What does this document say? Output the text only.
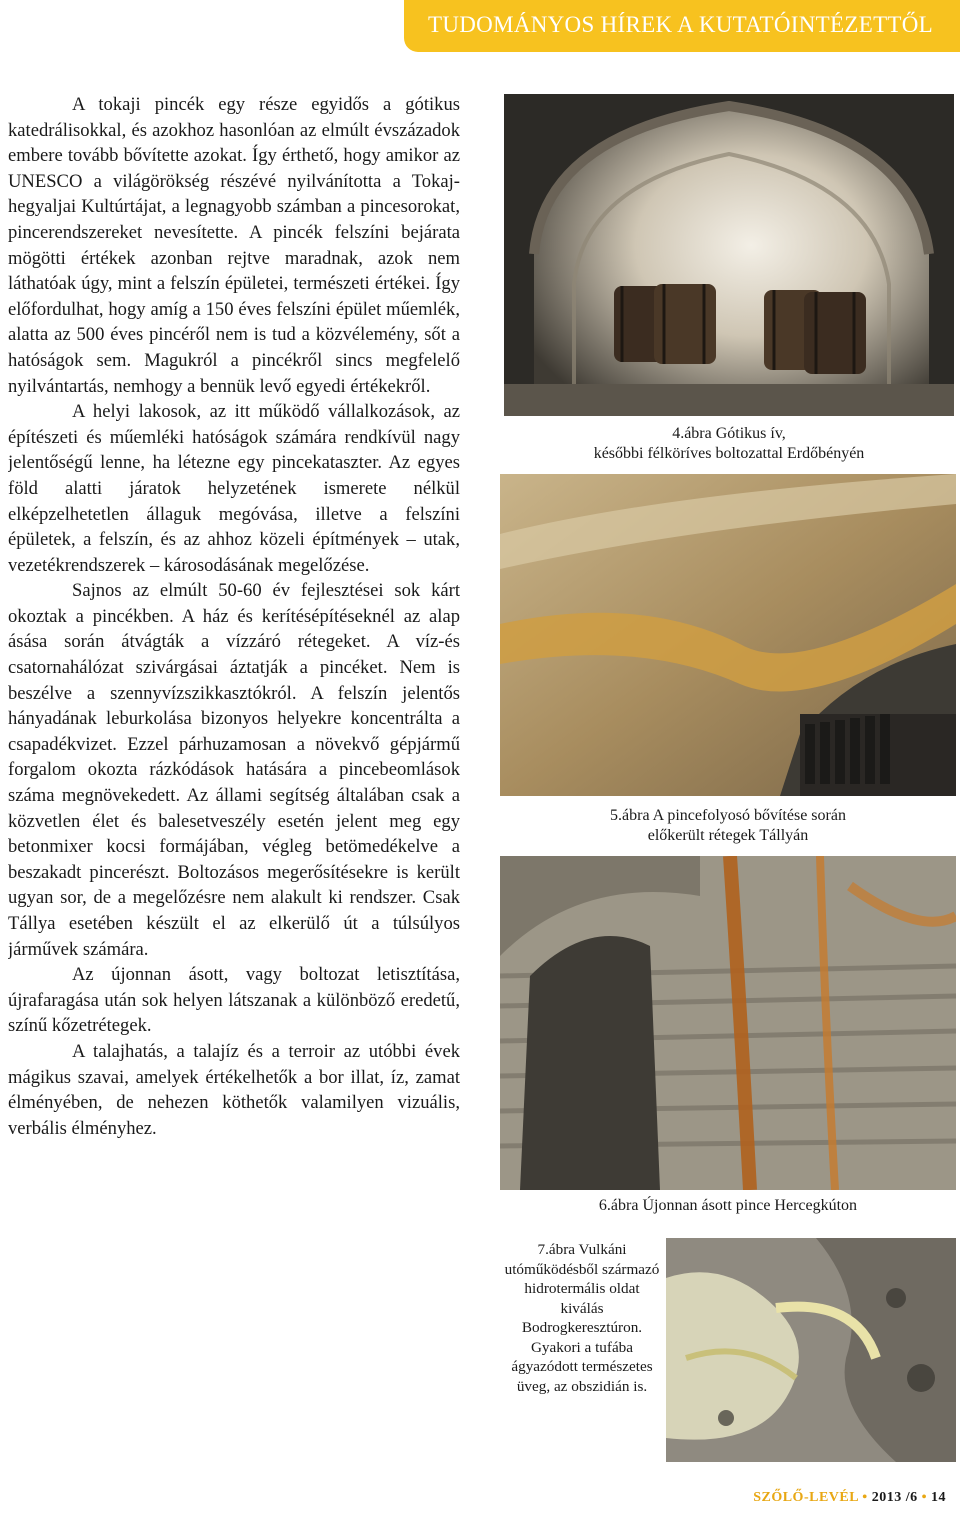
TUDOMÁNYOS HÍREK A KUTATÓINTÉZETTŐL

A tokaji pincék egy része egyidős a gótikus katedrálisokkal, és azokhoz hasonlóan az elmúlt évszázadok embere tovább bővítette azokat. Így érthető, hogy amikor az UNESCO a világörökség részévé nyilvánította a Tokaj-hegyaljai Kultúrtájat, a legnagyobb számban a pincesorokat, pincerendszereket nevesítette. A pincék felszíni bejárata mögötti értékek azonban rejtve maradnak, azok nem láthatóak úgy, mint a felszín épületei, természeti értékei. Így előfordulhat, hogy amíg a 150 éves felszíni épület műemlék, alatta az 500 éves pincéről nem is tud a közvélemény, sőt a hatóságok sem. Magukról a pincékről sincs megfelelő nyilvántartás, nemhogy a bennük levő egyedi értékekről.

A helyi lakosok, az itt működő vállalkozások, az építészeti és műemléki hatóságok számára rendkívül nagy jelentőségű lenne, ha létezne egy pincekataszter. Az egyes föld alatti járatok helyzetének ismerete nélkül elképzelhetetlen állaguk megóvása, illetve a felszíni épületek, a felszín, és az ahhoz közeli építmények – utak, vezetékrendszerek – károsodásának megelőzése.

Sajnos az elmúlt 50-60 év fejlesztései sok kárt okoztak a pincékben. A ház és kerítésépítéseknél az alap ásása során átvágták a vízzáró rétegeket. A víz-és csatornahálózat szivárgásai áztatják a pincéket. Nem is beszélve a szennyvízszikkasztókról. A felszín jelentős hányadának leburkolása bizonyos helyekre koncentrálta a csapadékvizet. Ezzel párhuzamosan a növekvő gépjármű forgalom okozta rázkódások hatására a pincebeomlások száma megnövekedett. Az állami segítség általában csak a közvetlen élet és balesetveszély esetén jelent meg egy betonmixer kocsi formájában, végleg betömedékelve a beszakadt pincerészt. Boltozásos megerősítésekre is került ugyan sor, de a megelőzésre nem alakult ki rendszer. Csak Tállya esetében készült el az elkerülő út a túlsúlyos járművek számára.

Az újonnan ásott, vagy boltozat letisztítása, újrafaragása után sok helyen látszanak a különböző eredetű, színű kőzetrétegek.

A talajhatás, a talajíz és a terroir az utóbbi évek mágikus szavai, amelyek értékelhetők a bor illat, íz, zamat élményében, de nehezen köthetők valamilyen vizuális, verbális élményhez.

4.ábra Gótikus ív,
későbbi félköríves boltozattal Erdőbényén
5.ábra A pincefolyosó bővítése során
előkerült rétegek Tállyán
6.ábra Újonnan ásott pince Hercegkúton
7.ábra Vulkáni utóműködésből származó hidrotermális oldat kiválás Bodrogkeresztúron. Gyakori a tufába ágyazódott természetes üveg, az obszidián is.
SZŐLŐ-LEVÉL • 2013 /6 • 14
